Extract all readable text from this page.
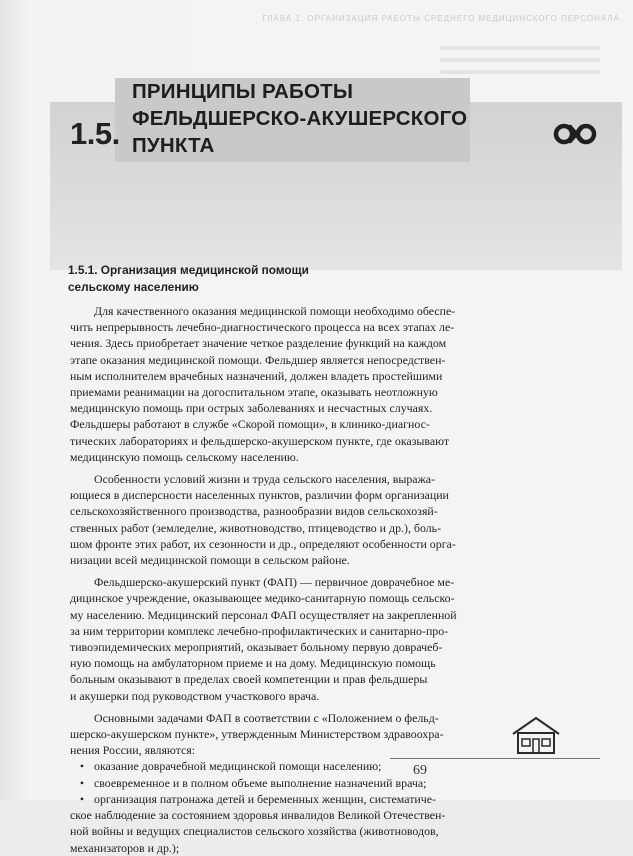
ГЛАВА 1. ОРГАНИЗАЦИЯ РАБОТЫ СРЕДНЕГО МЕДИЦИНСКОГО ПЕРСОНАЛА
1.5.
ПРИНЦИПЫ РАБОТЫ
ФЕЛЬДШЕРСКО-АКУШЕРСКОГО
ПУНКТА
1.5.1. Организация медицинской помощи
сельскому населению
Для качественного оказания медицинской помощи необходимо обеспе-
чить непрерывность лечебно-диагностического процесса на всех этапах ле-
чения. Здесь приобретает значение четкое разделение функций на каждом
этапе оказания медицинской помощи. Фельдшер является непосредствен-
ным исполнителем врачебных назначений, должен владеть простейшими
приемами реанимации на догоспитальном этапе, оказывать неотложную
медицинскую помощь при острых заболеваниях и несчастных случаях.
Фельдшеры работают в службе «Скорой помощи», в клинико-диагнос-
тических лабораториях и фельдшерско-акушерском пункте, где оказывают
медицинскую помощь сельскому населению.
Особенности условий жизни и труда сельского населения, выража-
ющиеся в дисперсности населенных пунктов, различии форм организации
сельскохозяйственного производства, разнообразии видов сельскохозяй-
ственных работ (земледелие, животноводство, птицеводство и др.), боль-
шом фронте этих работ, их сезонности и др., определяют особенности орга-
низации всей медицинской помощи в сельском районе.
Фельдшерско-акушерский пункт (ФАП) — первичное доврачебное ме-
дицинское учреждение, оказывающее медико-санитарную помощь сельско-
му населению. Медицинский персонал ФАП осуществляет на закрепленной
за ним территории комплекс лечебно-профилактических и санитарно-про-
тивоэпидемических мероприятий, оказывает больному первую доврачеб-
ную помощь на амбулаторном приеме и на дому. Медицинскую помощь
больным оказывают в пределах своей компетенции и прав фельдшеры
и акушерки под руководством участкового врача.
Основными задачами ФАП в соответствии с «Положением о фельд-
шерско-акушерском пункте», утвержденным Министерством здравоохра-
нения России, являются:
• оказание доврачебной медицинской помощи населению;
• своевременное и в полном объеме выполнение назначений врача;
• организация патронажа детей и беременных женщин, систематиче-
ское наблюдение за состоянием здоровья инвалидов Великой Отечествен-
ной войны и ведущих специалистов сельского хозяйства (животноводов,
механизаторов и др.);
69
